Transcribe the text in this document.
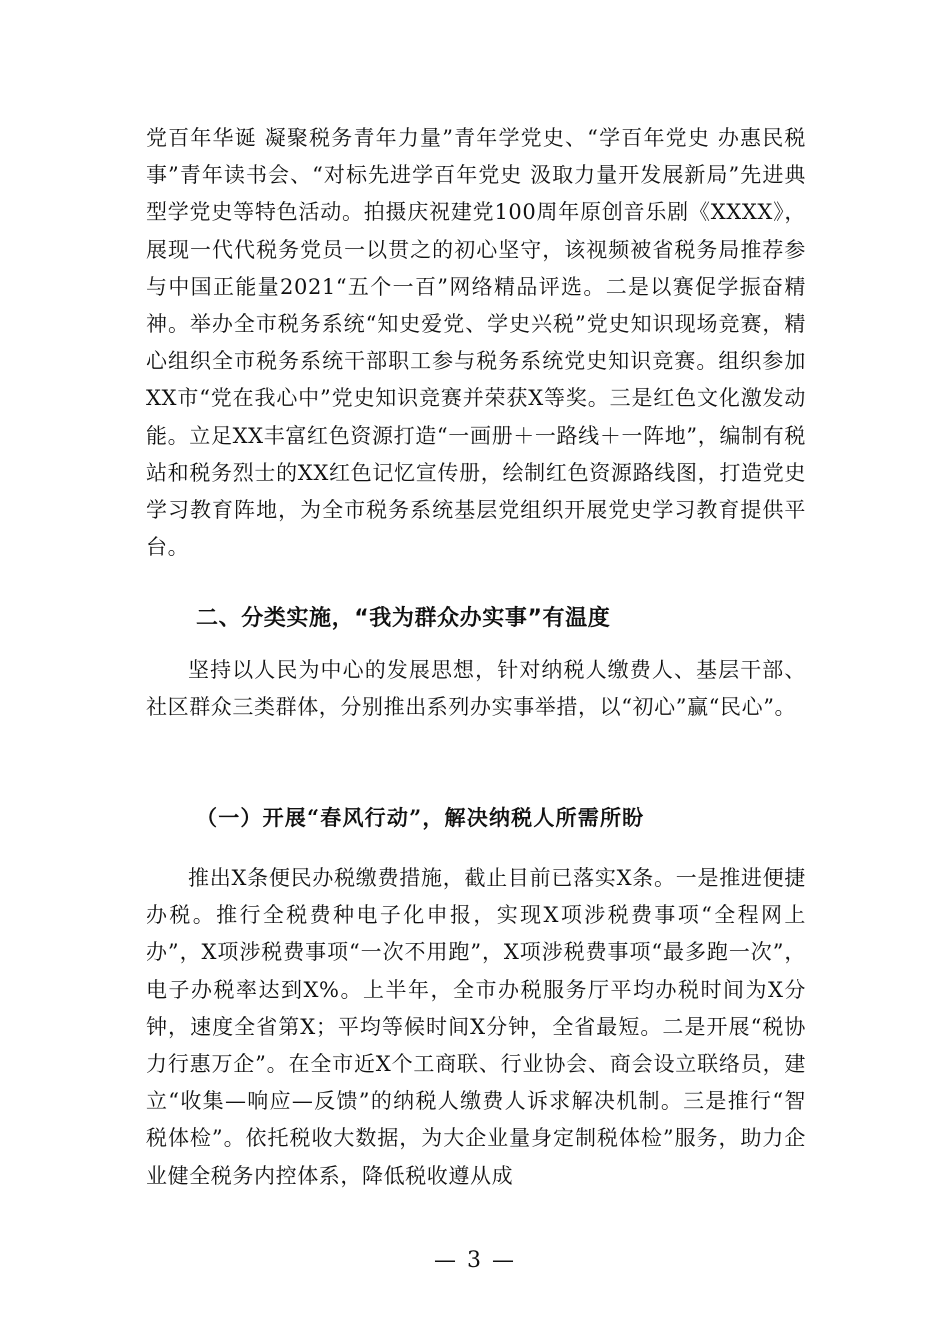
党百年华诞 凝聚税务青年力量”青年学党史、“学百年党史 办惠民税事”青年读书会、“对标先进学百年党史 汲取力量开发展新局”先进典型学党史等特色活动。拍摄庆祝建党100周年原创音乐剧《XXXX》，展现一代代税务党员一以贯之的初心坚守，该视频被省税务局推荐参与中国正能量2021“五个一百”网络精品评选。二是以赛促学振奋精神。举办全市税务系统“知史爱党、学史兴税”党史知识现场竞赛，精心组织全市税务系统干部职工参与税务系统党史知识竞赛。组织参加XX市“党在我心中”党史知识竞赛并荣获X等奖。三是红色文化激发动能。立足XX丰富红色资源打造“一画册＋一路线＋一阵地”，编制有税站和税务烈士的XX红色记忆宣传册，绘制红色资源路线图，打造党史学习教育阵地，为全市税务系统基层党组织开展党史学习教育提供平台。

二、分类实施，“我为群众办实事”有温度

坚持以人民为中心的发展思想，针对纳税人缴费人、基层干部、社区群众三类群体，分别推出系列办实事举措，以“初心”赢“民心”。

（一）开展“春风行动”，解决纳税人所需所盼

推出X条便民办税缴费措施，截止目前已落实X条。一是推进便捷办税。推行全税费种电子化申报，实现X项涉税费事项“全程网上办”，X项涉税费事项“一次不用跑”，X项涉税费事项“最多跑一次”，电子办税率达到X%。上半年，全市办税服务厅平均办税时间为X分钟，速度全省第X；平均等候时间X分钟，全省最短。二是开展“税协力行惠万企”。在全市近X个工商联、行业协会、商会设立联络员，建立“收集—响应—反馈”的纳税人缴费人诉求解决机制。三是推行“智税体检”。依托税收大数据，为大企业量身定制税体检”服务，助力企业健全税务内控体系，降低税收遵从成

— 3 —
